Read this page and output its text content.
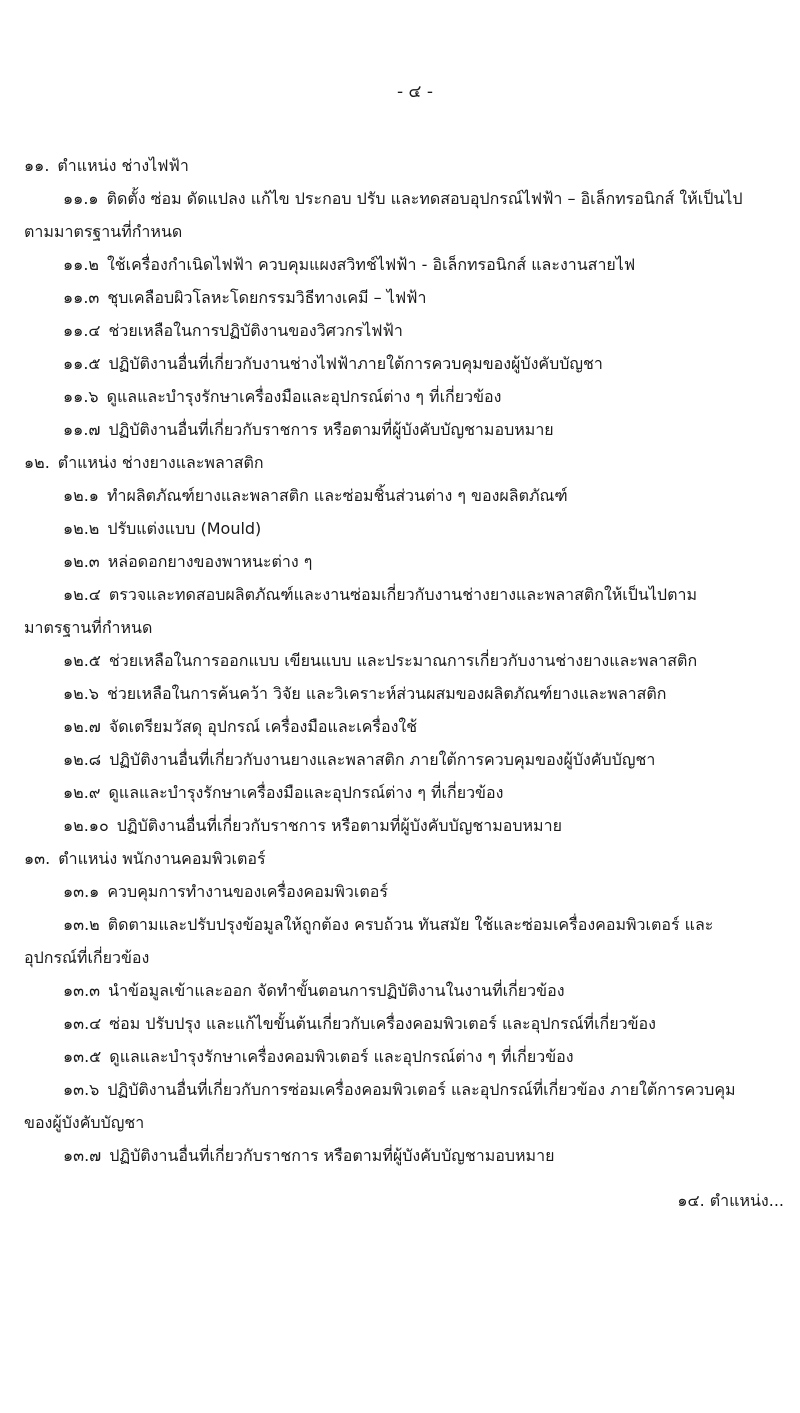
- ๔ -
๑๑. ตำแหน่ง ช่างไฟฟ้า
๑๑.๑ ติดตั้ง ซ่อม ดัดแปลง แก้ไข ประกอบ ปรับ และทดสอบอุปกรณ์ไฟฟ้า – อิเล็กทรอนิกส์ ให้เป็นไป
ตามมาตรฐานที่กำหนด
๑๑.๒ ใช้เครื่องกำเนิดไฟฟ้า ควบคุมแผงสวิทช์ไฟฟ้า - อิเล็กทรอนิกส์ และงานสายไฟ
๑๑.๓ ชุบเคลือบผิวโลหะโดยกรรมวิธีทางเคมี – ไฟฟ้า
๑๑.๔ ช่วยเหลือในการปฏิบัติงานของวิศวกรไฟฟ้า
๑๑.๕ ปฏิบัติงานอื่นที่เกี่ยวกับงานช่างไฟฟ้าภายใต้การควบคุมของผู้บังคับบัญชา
๑๑.๖ ดูแลและบำรุงรักษาเครื่องมือและอุปกรณ์ต่าง ๆ ที่เกี่ยวข้อง
๑๑.๗ ปฏิบัติงานอื่นที่เกี่ยวกับราชการ หรือตามที่ผู้บังคับบัญชามอบหมาย
๑๒. ตำแหน่ง ช่างยางและพลาสติก
๑๒.๑ ทำผลิตภัณฑ์ยางและพลาสติก และซ่อมชิ้นส่วนต่าง ๆ ของผลิตภัณฑ์
๑๒.๒ ปรับแต่งแบบ (Mould)
๑๒.๓ หล่อดอกยางของพาหนะต่าง ๆ
๑๒.๔ ตรวจและทดสอบผลิตภัณฑ์และงานซ่อมเกี่ยวกับงานช่างยางและพลาสติกให้เป็นไปตาม
มาตรฐานที่กำหนด
๑๒.๕ ช่วยเหลือในการออกแบบ เขียนแบบ และประมาณการเกี่ยวกับงานช่างยางและพลาสติก
๑๒.๖ ช่วยเหลือในการค้นคว้า วิจัย และวิเคราะห์ส่วนผสมของผลิตภัณฑ์ยางและพลาสติก
๑๒.๗ จัดเตรียมวัสดุ อุปกรณ์ เครื่องมือและเครื่องใช้
๑๒.๘ ปฏิบัติงานอื่นที่เกี่ยวกับงานยางและพลาสติก ภายใต้การควบคุมของผู้บังคับบัญชา
๑๒.๙ ดูแลและบำรุงรักษาเครื่องมือและอุปกรณ์ต่าง ๆ ที่เกี่ยวข้อง
๑๒.๑๐ ปฏิบัติงานอื่นที่เกี่ยวกับราชการ หรือตามที่ผู้บังคับบัญชามอบหมาย
๑๓. ตำแหน่ง พนักงานคอมพิวเตอร์
๑๓.๑ ควบคุมการทำงานของเครื่องคอมพิวเตอร์
๑๓.๒ ติดตามและปรับปรุงข้อมูลให้ถูกต้อง ครบถ้วน ทันสมัย ใช้และซ่อมเครื่องคอมพิวเตอร์ และ
อุปกรณ์ที่เกี่ยวข้อง
๑๓.๓ นำข้อมูลเข้าและออก จัดทำขั้นตอนการปฏิบัติงานในงานที่เกี่ยวข้อง
๑๓.๔ ซ่อม ปรับปรุง และแก้ไขขั้นต้นเกี่ยวกับเครื่องคอมพิวเตอร์ และอุปกรณ์ที่เกี่ยวข้อง
๑๓.๕ ดูแลและบำรุงรักษาเครื่องคอมพิวเตอร์ และอุปกรณ์ต่าง ๆ ที่เกี่ยวข้อง
๑๓.๖ ปฏิบัติงานอื่นที่เกี่ยวกับการซ่อมเครื่องคอมพิวเตอร์ และอุปกรณ์ที่เกี่ยวข้อง ภายใต้การควบคุม
ของผู้บังคับบัญชา
๑๓.๗ ปฏิบัติงานอื่นที่เกี่ยวกับราชการ หรือตามที่ผู้บังคับบัญชามอบหมาย
๑๔. ตำแหน่ง...
